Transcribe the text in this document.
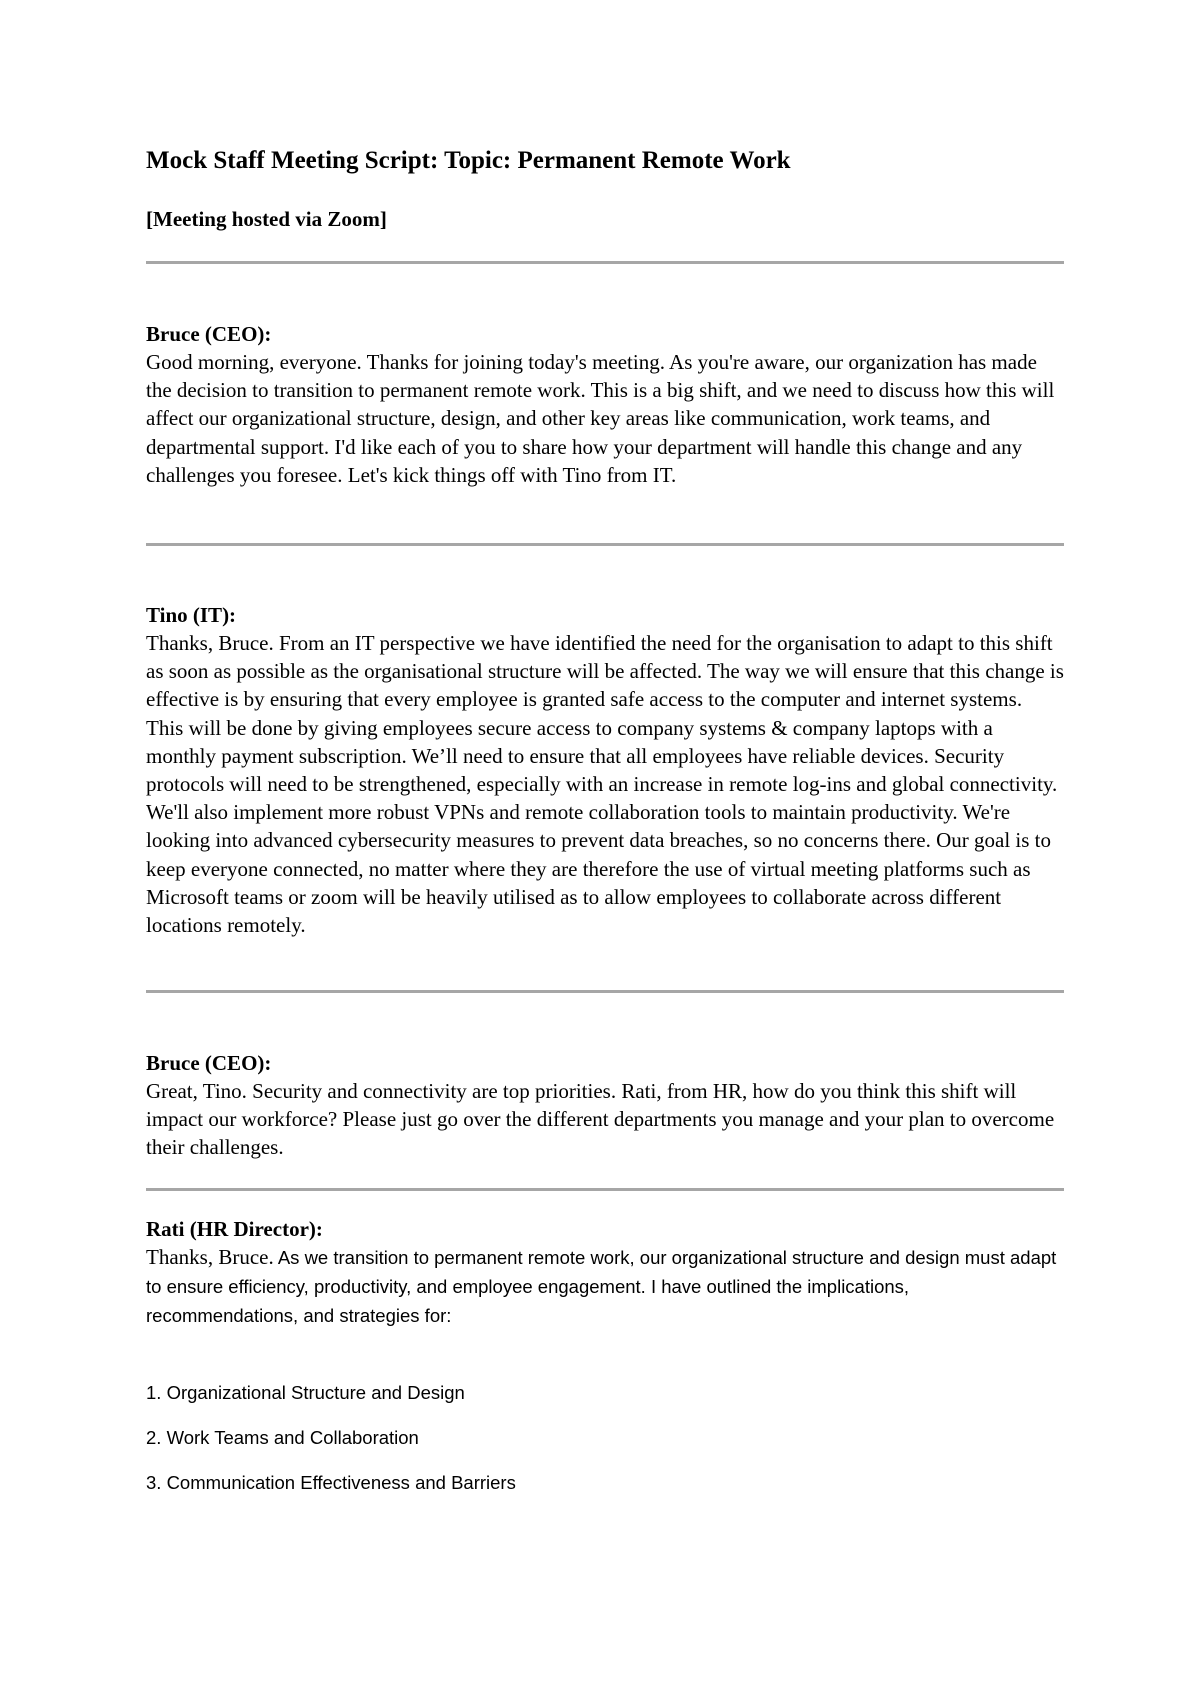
Mock Staff Meeting Script: Topic: Permanent Remote Work
[Meeting hosted via Zoom]
Bruce (CEO):
Good morning, everyone. Thanks for joining today's meeting. As you're aware, our organization has made the decision to transition to permanent remote work. This is a big shift, and we need to discuss how this will affect our organizational structure, design, and other key areas like communication, work teams, and departmental support. I'd like each of you to share how your department will handle this change and any challenges you foresee. Let's kick things off with Tino from IT.
Tino (IT):
Thanks, Bruce. From an IT perspective we have identified the need for the organisation to adapt to this shift as soon as possible as the organisational structure will be affected. The way we will ensure that this change is effective is by ensuring that every employee is granted safe access to the computer and internet systems. This will be done by giving employees secure access to company systems & company laptops with a monthly payment subscription. We’ll need to ensure that all employees have reliable devices. Security protocols will need to be strengthened, especially with an increase in remote log-ins and global connectivity. We'll also implement more robust VPNs and remote collaboration tools to maintain productivity. We're looking into advanced cybersecurity measures to prevent data breaches, so no concerns there. Our goal is to keep everyone connected, no matter where they are therefore the use of virtual meeting platforms such as Microsoft teams or zoom will be heavily utilised as to allow employees to collaborate across different locations remotely.
Bruce (CEO):
Great, Tino. Security and connectivity are top priorities. Rati, from HR, how do you think this shift will impact our workforce? Please just go over the different departments you manage and your plan to overcome their challenges.
Rati (HR Director):
Thanks, Bruce. As we transition to permanent remote work, our organizational structure and design must adapt to ensure efficiency, productivity, and employee engagement. I have outlined the implications, recommendations, and strategies for:
1. Organizational Structure and Design
2. Work Teams and Collaboration
3. Communication Effectiveness and Barriers
